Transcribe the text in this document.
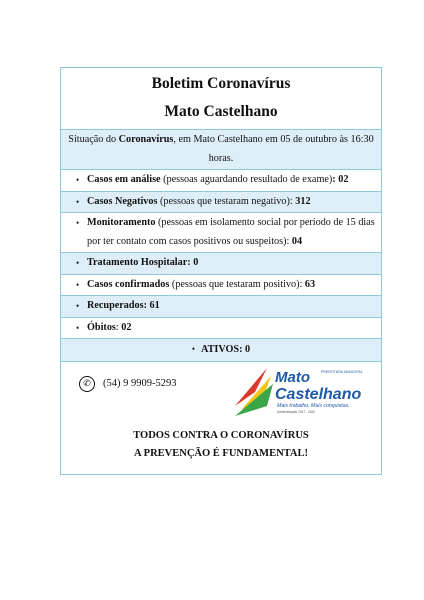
Boletim Coronavírus
Mato Castelhano
Situação do Coronavírus, em Mato Castelhano em 05 de outubro às 16:30 horas.
• Casos em análise (pessoas aguardando resultado de exame): 02
• Casos Negativos (pessoas que testaram negativo): 312
• Monitoramento (pessoas em isolamento social por período de 15 dias por ter contato com casos positivos ou suspeitos): 04
• Tratamento Hospitalar: 0
• Casos confirmados (pessoas que testaram positivo): 63
• Recuperados: 61
• Óbitos: 02
• ATIVOS: 0
✆	(54) 9 9909-5293	Mato	PREFEITURA MUNICIPAL
Castelhano
Mais trabalho. Mais conquistas.
Administração 2017 - 2020
TODOS CONTRA O CORONAVÍRUS
A PREVENÇÃO É FUNDAMENTAL!
